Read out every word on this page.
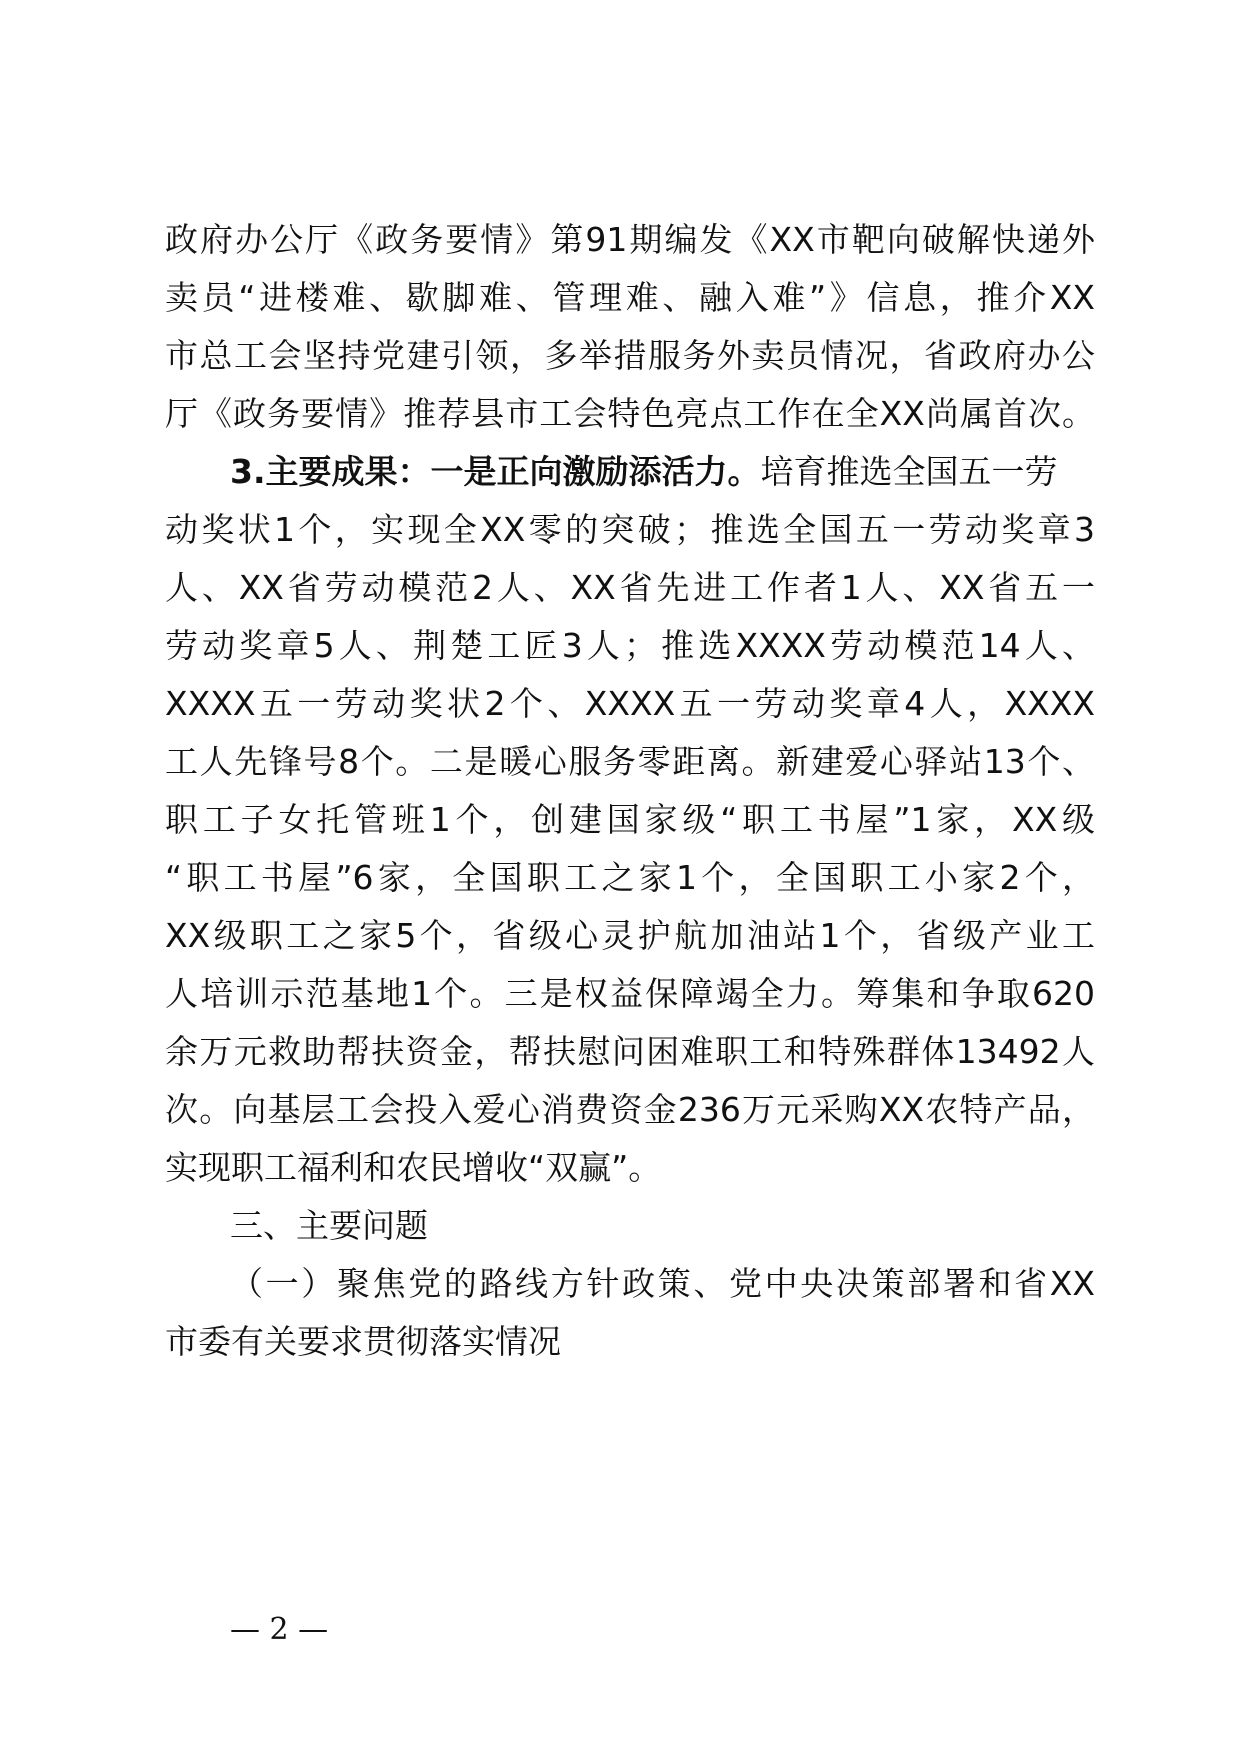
政府办公厅《政务要情》第91期编发《XX市靶向破解快递外
卖员“进楼难、歇脚难、管理难、融入难”》信息，推介XX
市总工会坚持党建引领，多举措服务外卖员情况，省政府办公
厅《政务要情》推荐县市工会特色亮点工作在全XX尚属首次。
3.主要成果：一是正向激励添活力。培育推选全国五一劳
动奖状1个，实现全XX零的突破；推选全国五一劳动奖章3
人、XX省劳动模范2人、XX省先进工作者1人、XX省五一
劳动奖章5人、荆楚工匠3人；推选XXXX劳动模范14人、
XXXX五一劳动奖状2个、XXXX五一劳动奖章4人，XXXX
工人先锋号8个。二是暖心服务零距离。新建爱心驿站13个、
职工子女托管班1个，创建国家级“职工书屋”1家，XX级
“职工书屋”6家，全国职工之家1个，全国职工小家2个，
XX级职工之家5个，省级心灵护航加油站1个，省级产业工
人培训示范基地1个。三是权益保障竭全力。筹集和争取620
余万元救助帮扶资金，帮扶慰问困难职工和特殊群体13492人
次。向基层工会投入爱心消费资金236万元采购XX农特产品，
实现职工福利和农民增收“双赢”。
三、主要问题
（一）聚焦党的路线方针政策、党中央决策部署和省XX
市委有关要求贯彻落实情况
— 2 —
